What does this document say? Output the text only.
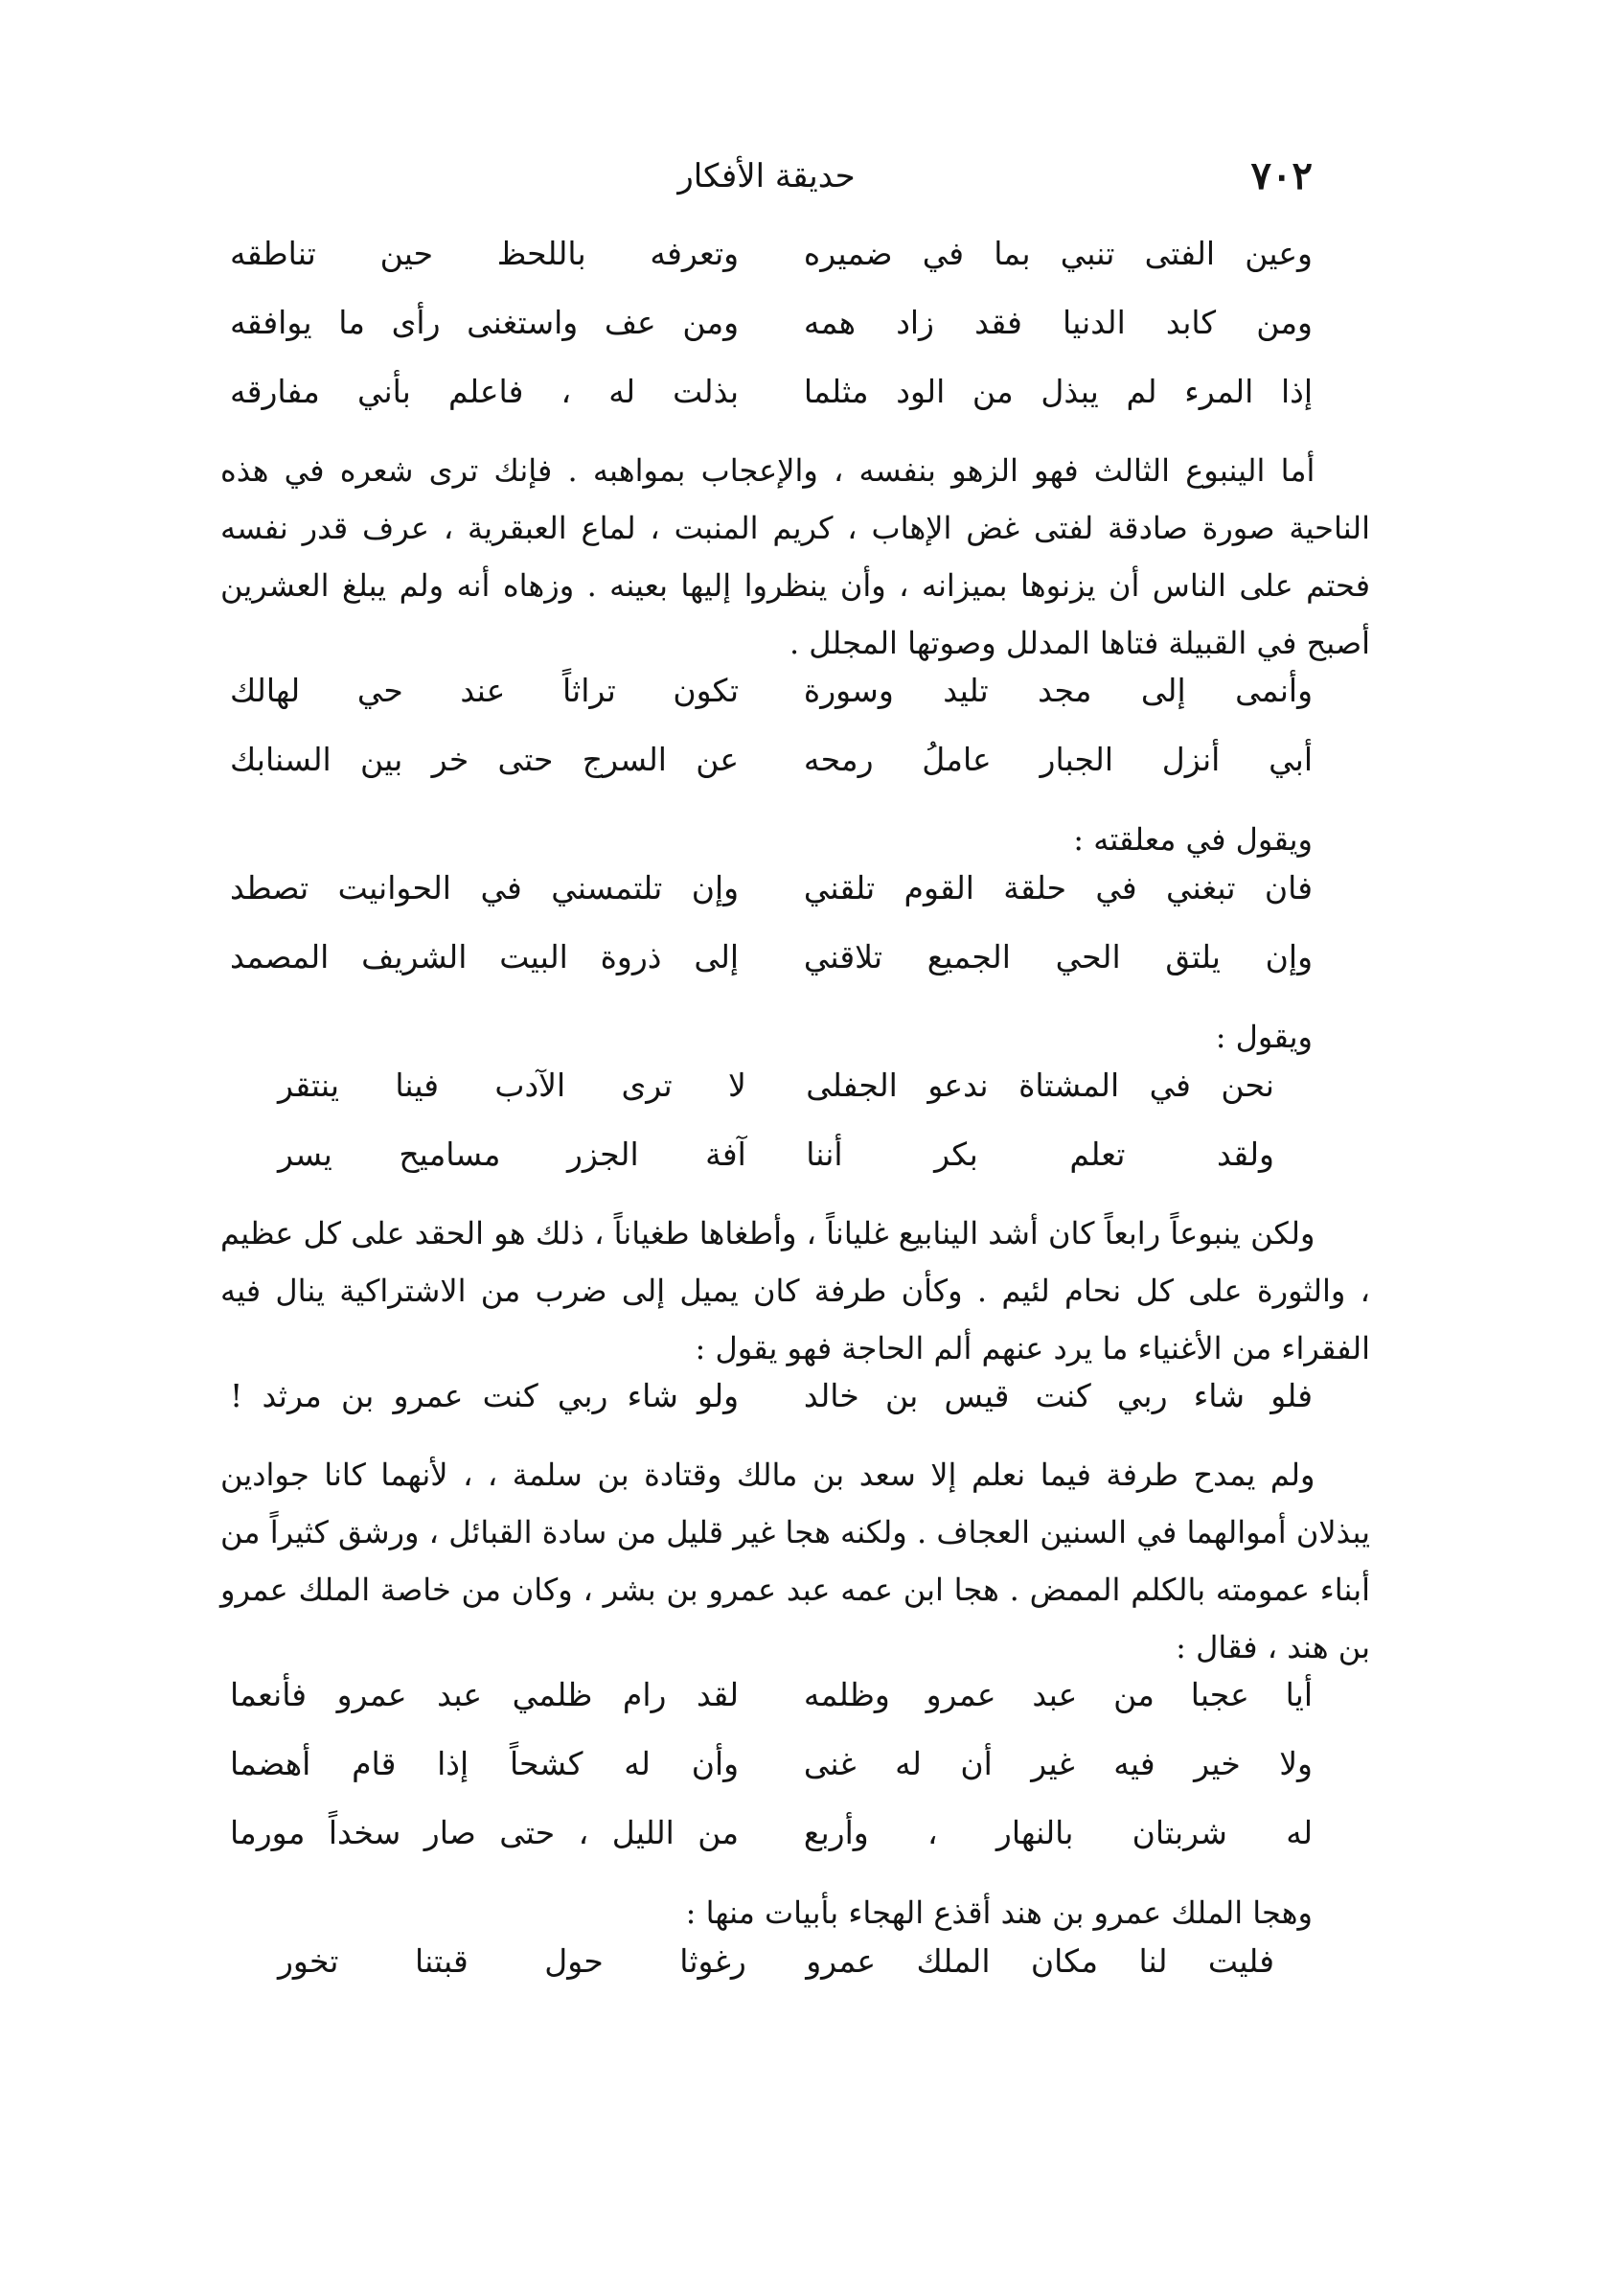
٧٠٢
حديقة الأفكار
وعين الفتى تنبي بما في ضميره
وتعرفه باللحظ حين تناطقه
ومن كابد الدنيا فقد زاد همه
ومن عف واستغنى رأى ما يوافقه
إذا المرء لم يبذل من الود مثلما
بذلت له ، فاعلم بأني مفارقه

أما الينبوع الثالث فهو الزهو بنفسه ، والإعجاب بمواهبه . فإنك ترى شعره في هذه الناحية صورة صادقة لفتى غض الإهاب ، كريم المنبت ، لماع العبقرية ، عرف قدر نفسه فحتم على الناس أن يزنوها بميزانه ، وأن ينظروا إليها بعينه . وزهاه أنه ولم يبلغ العشرين أصبح في القبيلة فتاها المدلل وصوتها المجلل .

وأنمى إلى مجد تليد وسورة
تكون تراثاً عند حي لهالك
أبي أنزل الجبار عاملُ رمحه
عن السرج حتى خر بين السنابك

ويقول في معلقته :

فان تبغني في حلقة القوم تلقني
وإن تلتمسني في الحوانيت تصطد
وإن يلتق الحي الجميع تلاقني
إلى ذروة البيت الشريف المصمد

ويقول :

نحن في المشتاة ندعو الجفلى
لا ترى الآدب فينا ينتقر
ولقد تعلم بكر أننا
آفة الجزر مساميح يسر

ولكن ينبوعاً رابعاً كان أشد الينابيع غلياناً ، وأطغاها طغياناً ، ذلك هو الحقد على كل عظيم ، والثورة على كل نحام لئيم . وكأن طرفة كان يميل إلى ضرب من الاشتراكية ينال فيه الفقراء من الأغنياء ما يرد عنهم ألم الحاجة فهو يقول :

فلو شاء ربي كنت قيس بن خالد
ولو شاء ربي كنت عمرو بن مرثد !

ولم يمدح طرفة فيما نعلم إلا سعد بن مالك وقتادة بن سلمة ، ، لأنهما كانا جوادين يبذلان أموالهما في السنين العجاف . ولكنه هجا غير قليل من سادة القبائل ، ورشق كثيراً من أبناء عمومته بالكلم الممض . هجا ابن عمه عبد عمرو بن بشر ، وكان من خاصة الملك عمرو بن هند ، فقال :

أيا عجبا من عبد عمرو وظلمه
لقد رام ظلمي عبد عمرو فأنعما
ولا خير فيه غير أن له غنى
وأن له كشحاً إذا قام أهضما
له شربتان بالنهار ، وأربع
من الليل ، حتى صار سخداً مورما

وهجا الملك عمرو بن هند أقذع الهجاء بأبيات منها :

فليت لنا مكان الملك عمرو
رغوثا حول قبتنا تخور
